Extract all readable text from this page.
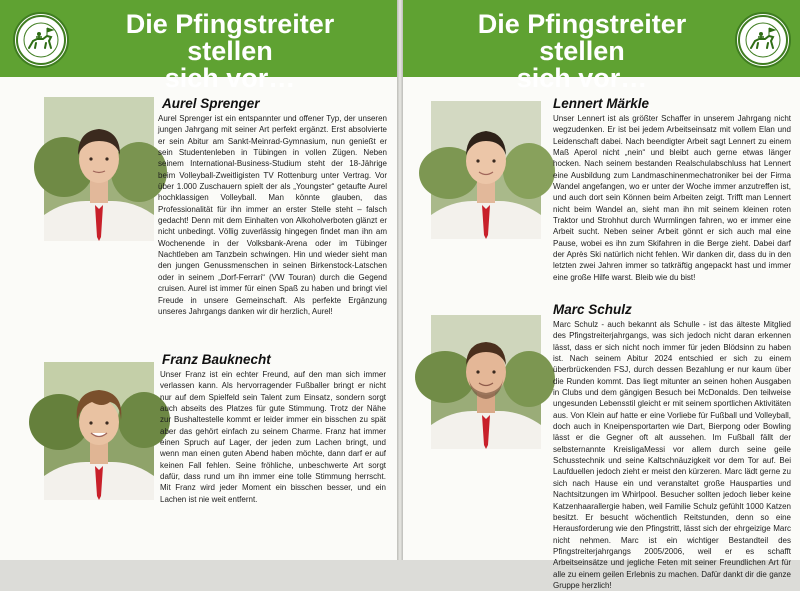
Die Pfingstreiter stellen
sich vor…
Aurel Sprenger

Aurel Sprenger ist ein entspannter und offener Typ, der unseren jungen Jahrgang mit seiner Art perfekt ergänzt. Erst absolvierte er sein Abitur am Sankt-Meinrad-Gymnasium, nun genießt er sein Studentenleben in Tübingen in vollen Zügen. Neben seinem International-Business-Studium steht der 18-Jährige beim Volleyball-Zweitligisten TV Rottenburg unter Vertrag. Vor über 1.000 Zuschauern spielt der als „Youngster“ getaufte Aurel hochklassigen Volleyball. Man könnte glauben, das Professionalität für ihn immer an erster Stelle steht – falsch gedacht! Denn mit dem Einhalten von Alkoholverboten glänzt er nicht unbedingt. Völlig zuverlässig hingegen findet man ihn am Wochenende in der Volksbank-Arena oder im Tübinger Nachtleben am Tanzbein schwingen. Hin und wieder sieht man den jungen Genussmenschen in seinen Birkenstock-Latschen oder in seinem „Dorf-Ferrari“ (VW Touran) durch die Gegend cruisen. Aurel ist immer für einen Spaß zu haben und bringt viel Freude in unsere Gemeinschaft. Als perfekte Ergänzung unseres Jahrgangs danken wir dir herzlich, Aurel!

Franz Bauknecht

Unser Franz ist ein echter Freund, auf den man sich immer verlassen kann. Als hervorragender Fußballer bringt er nicht nur auf dem Spielfeld sein Talent zum Einsatz, sondern sorgt auch abseits des Platzes für gute Stimmung. Trotz der Nähe zur Bushaltestelle kommt er leider immer ein bisschen zu spät aber das gehört einfach zu seinem Charme. Franz hat immer einen Spruch auf Lager, der jeden zum Lachen bringt, und wenn man einen guten Abend haben möchte, dann darf er auf keinen Fall fehlen. Seine fröhliche, unbeschwerte Art sorgt dafür, dass rund um ihn immer eine tolle Stimmung herrscht. Mit Franz wird jeder Moment ein bisschen besser, und ein Lachen ist nie weit entfernt.

Die Pfingstreiter stellen
sich vor…
Lennert Märkle

Unser Lennert ist als größter Schaffer in unserem Jahrgang nicht wegzudenken. Er ist bei jedem Arbeitseinsatz mit vollem Elan und Leidenschaft dabei. Nach beendigter Arbeit sagt Lennert zu einem Maß Aperol nicht „nein“ und bleibt auch gerne etwas länger hocken. Nach seinem bestanden Realschulabschluss hat Lennert eine Ausbildung zum Landmaschinenmechatroniker bei der Firma Wandel angefangen, wo er unter der Woche immer anzutreffen ist, und auch dort sein Können beim Arbeiten zeigt. Trifft man Lennert nicht beim Wandel an, sieht man ihn mit seinem kleinen roten Traktor und Strohhut durch Wurmlingen fahren, wo er immer eine Arbeit sucht. Neben seiner Arbeit gönnt er sich auch mal eine Pause, wobei es ihn zum Skifahren in die Berge zieht. Dabei darf der Après Ski natürlich nicht fehlen. Wir danken dir, dass du in den letzten zwei Jahren immer so tatkräftig angepackt hast und immer eine große Hilfe warst. Bleib wie du bist!

Marc Schulz

Marc Schulz - auch bekannt als Schulle - ist das älteste Mitglied des Pfingstreiterjahrgangs, was sich jedoch nicht daran erkennen lässt, dass er sich nicht noch immer für jeden Blödsinn zu haben ist. Nach seinem Abitur 2024 entschied er sich zu einem überbrückenden FSJ, durch dessen Bezahlung er nur kaum über die Runden kommt. Das liegt mitunter an seinen hohen Ausgaben in Clubs und dem gängigen Besuch bei McDonalds. Den teilweise ungesunden Lebensstil gleicht er mit seinem sportlichen Aktivitäten aus. Von Klein auf hatte er eine Vorliebe für Fußball und Volleyball, doch auch in Kneipensportarten wie Dart, Bierpong oder Bowling lässt er die Gegner oft alt aussehen. Im Fußball fällt der selbsternannte KreisligaMessi vor allem durch seine geile Schusstechnik und seine Kaltschnäuzigkeit vor dem Tor auf. Bei Laufduellen jedoch zieht er meist den kürzeren. Marc lädt gerne zu sich nach Hause ein und veranstaltet große Hausparties und Nachtsitzungen im Whirlpool. Besucher sollten jedoch lieber keine Katzenhaarallergie haben, weil Familie Schulz gefühlt 1000 Katzen besitzt. Er besucht wöchentlich Reitstunden, denn so eine Herausforderung wie den Pfingstritt, lässt sich der ehrgeizige Marc nicht nehmen. Marc ist ein wichtiger Bestandteil des Pfingstreiterjahrgangs 2005/2006, weil er es schafft Arbeitseinsätze und jegliche Feten mit seiner Freundlichen Art für alle zu einem geilen Erlebnis zu machen. Dafür dankt dir die ganze Gruppe herzlich!
